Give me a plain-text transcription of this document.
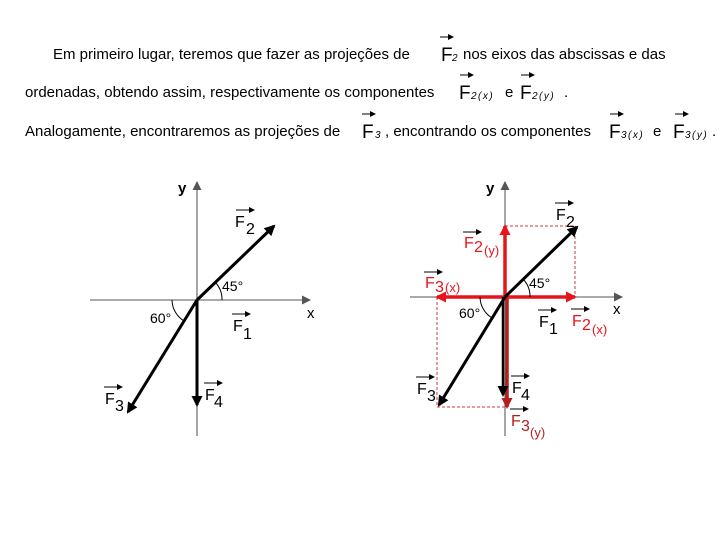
Em primeiro lugar, teremos que fazer as projeções de F 2 nos eixos das abscissas e das
ordenadas, obtendo assim, respectivamente os componentes F 2(x) e F 2(y) .
Analogamente, encontraremos as projeções de F 3 , encontrando os componentes F 3(x) e F 3(y) .
y
x
45°
60°
F 2
F 1
F 3
F 4
y
x
45°
60°
F 2
F 1
F 3	F 4
F 2 (y)
F 3 (x)
F 2 (x)
F 3 (y)
